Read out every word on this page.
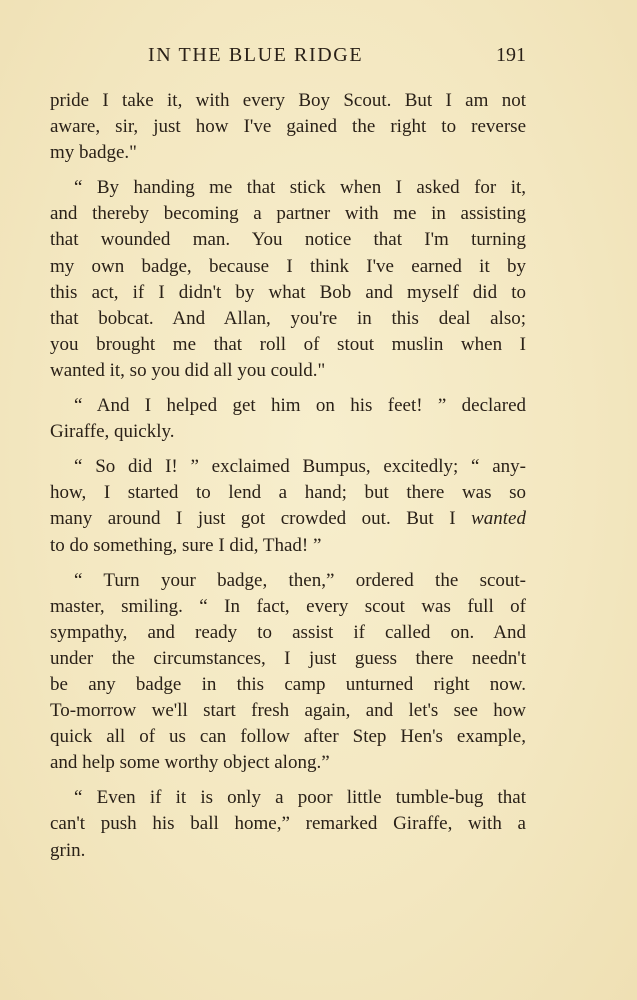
IN THE BLUE RIDGE	191

pride I take it, with every Boy Scout. But I am not
aware, sir, just how I've gained the right to reverse
my badge."

“ By handing me that stick when I asked for it,
and thereby becoming a partner with me in assisting
that wounded man. You notice that I'm turning
my own badge, because I think I've earned it by
this act, if I didn't by what Bob and myself did to
that bobcat. And Allan, you're in this deal also;
you brought me that roll of stout muslin when I
wanted it, so you did all you could."

“ And I helped get him on his feet! ” declared
Giraffe, quickly.

“ So did I! ” exclaimed Bumpus, excitedly; “ any-
how, I started to lend a hand; but there was so
many around I just got crowded out. But I wanted
to do something, sure I did, Thad! ”

“ Turn your badge, then,” ordered the scout-
master, smiling. “ In fact, every scout was full of
sympathy, and ready to assist if called on. And
under the circumstances, I just guess there needn't
be any badge in this camp unturned right now.
To-morrow we'll start fresh again, and let's see how
quick all of us can follow after Step Hen's example,
and help some worthy object along.”

“ Even if it is only a poor little tumble-bug that
can't push his ball home,” remarked Giraffe, with a
grin.
